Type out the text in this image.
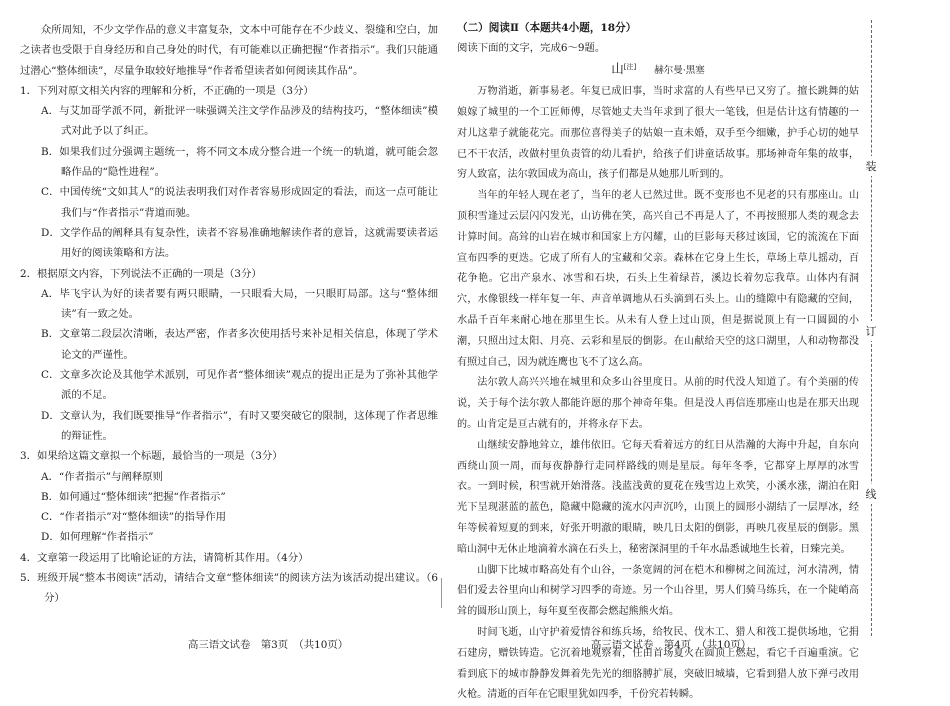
众所周知，不少文学作品的意义丰富复杂，文本中可能存在不少歧义、裂缝和空白，加之读者也受限于自身经历和自己身处的时代，有可能难以正确把握“作者指示”。我们只能通过潜心“整体细读”，尽量争取较好地推导“作者希望读者如何阅读其作品”。

1．下列对原文相关内容的理解和分析，不正确的一项是（3分）

A．与艾加哥学派不同，新批评一味强调关注文学作品涉及的结构技巧，“整体细读”模式对此予以了纠正。

B．如果我们过分强调主题统一，将不同文本成分整合进一个统一的轨道，就可能会忽略作品的“隐性进程”。

C．中国传统“文如其人”的说法表明我们对作者容易形成固定的看法，而这一点可能让我们与“作者指示”背道而驰。

D．文学作品的阐释具有复杂性，读者不容易准确地解读作者的意旨，这就需要读者运用好的阅读策略和方法。

2．根据原文内容，下列说法不正确的一项是（3分）

A．毕飞宇认为好的读者要有两只眼睛，一只眼看大局，一只眼盯局部。这与“整体细读”有一致之处。

B．文章第二段层次清晰，表达严密，作者多次使用括号来补足相关信息，体现了学术论文的严谨性。

C．文章多次论及其他学术派别，可见作者“整体细读”观点的提出正是为了弥补其他学派的不足。

D．文章认为，我们既要推导“作者指示”，有时又要突破它的限制，这体现了作者思维的辩证性。

3．如果给这篇文章拟一个标题，最恰当的一项是（3分）

A．“作者指示”与阐释原则

B．如何通过“整体细读”把握“作者指示”

C．“作者指示”对“整体细读”的指导作用

D．如何理解“作者指示”

4．文章第一段运用了比喻论证的方法，请简析其作用。（4分）

5．班级开展“整本书阅读”活动，请结合文章“整体细读”的阅读方法为该活动提出建议。（6分）

（二）阅读Ⅱ（本题共4小题，18分）

阅读下面的文字，完成6～9题。

山[注] 赫尔曼·黑塞

万物消逝，新事易老。年复已成旧事，当时求富的人有些早已又穷了。擅长跳舞的姑娘嫁了城里的一个工匠师傅，尽管她丈夫当年求到了很大一笔钱，但是估计这有情趣的一对儿这辈子就能花完。而那位喜得美子的姑娘一直未婚，双手至今细嫩，护手心切的她早已不干农活，改做村里负责管的幼儿看护，给孩子们讲童话故事。那场神奇年集的故事，穷人致富，法尔敦国成为高山，孩子们都是从她那儿听到的。

当年的年轻人现在老了，当年的老人已然过世。既不变形也不见老的只有那座山。山顶积雪逢过云层闪闪发光，山访佛在笑，高兴自己不再是人了，不再按照那人类的观念去计算时间。高耸的山岩在城市和国家上方闪耀，山的巨影每天移过该国，它的流流在下面宣布四季的更迭。它成了所有人的宝藏和父亲。森林在它身上生长，草场上草儿摇动，百花争艳。它出产泉水、冰雪和石块，石头上生着绿苔，溪边长着勿忘我草。山体内有洞穴，水像银线一样年复一年、声音单调地从石头滴到石头上。山的缝隙中有隐藏的空间，水晶千百年来耐心地在那里生长。从未有人登上过山顶，但是据说顶上有一口圆圆的小潮，只照出过太阳、月亮、云彩和星辰的倒影。在山献给天空的这口湖里，人和动物都没有照过自己，因为就连鹰也飞不了这么高。

法尔敦人高兴兴地在城里和众多山谷里度日。从前的时代没人知道了。有个美丽的传说，关于每个法尔敦人都能许愿的那个神奇年集。但是没人再信连那座山也是在那天出现的。山肯定是亘古就有的，并将永存下去。

山继续安静地耸立，雄伟依旧。它每天看着远方的红日从浩瀚的大海中升起，自东向西绕山顶一周，而每夜静静行走同样路线的则是星辰。每年冬季，它都穿上厚厚的冰雪衣。一到时候，积雪就开始滑落。浅蓝浅黄的夏花在残雪边上欢笑，小溪水涨，湖泊在阳光下呈现湛蓝的蓝色，隐藏中隐藏的流水闪声沉吟，山顶上的圆形小湖结了一层厚冰，经年等候着短夏的到来，好张开明澈的眼睛，映几日太阳的倒影，再映几夜星辰的倒影。黑暗山洞中无休止地滴着水滴在石头上，秘密深洞里的千年水晶悉诚地生长着，日臻完美。

山脚下比城市略高处有个山谷，一条宽阔的河在桤木和柳树之间流过，河水清冽，情侣们爱去谷里向山和树学习四季的奇迹。另一个山谷里，男人们骑马练兵，在一个陡峭高耸的圆形山顶上，每年夏至夜都会燃起熊熊火焰。

时间飞逝，山守护着爱情谷和练兵场，给牧民、伐木工、猎人和筏工提供场地，它捐石建房，赠铁铸造。它沉着地观察着，任由首场夏火在圆顶上燃起，看它千百遍重演。它看到底下的城市静静发舞着先先光的细胳膊扩展，突破旧城墙，它看到猎人放下弹弓改用火枪。清逝的百年在它眼里犹如四季，千份究若转瞬。

高三语文试卷　第3页　（共10页）	高三语文试卷　第4页　（共10页）
装
订
线
